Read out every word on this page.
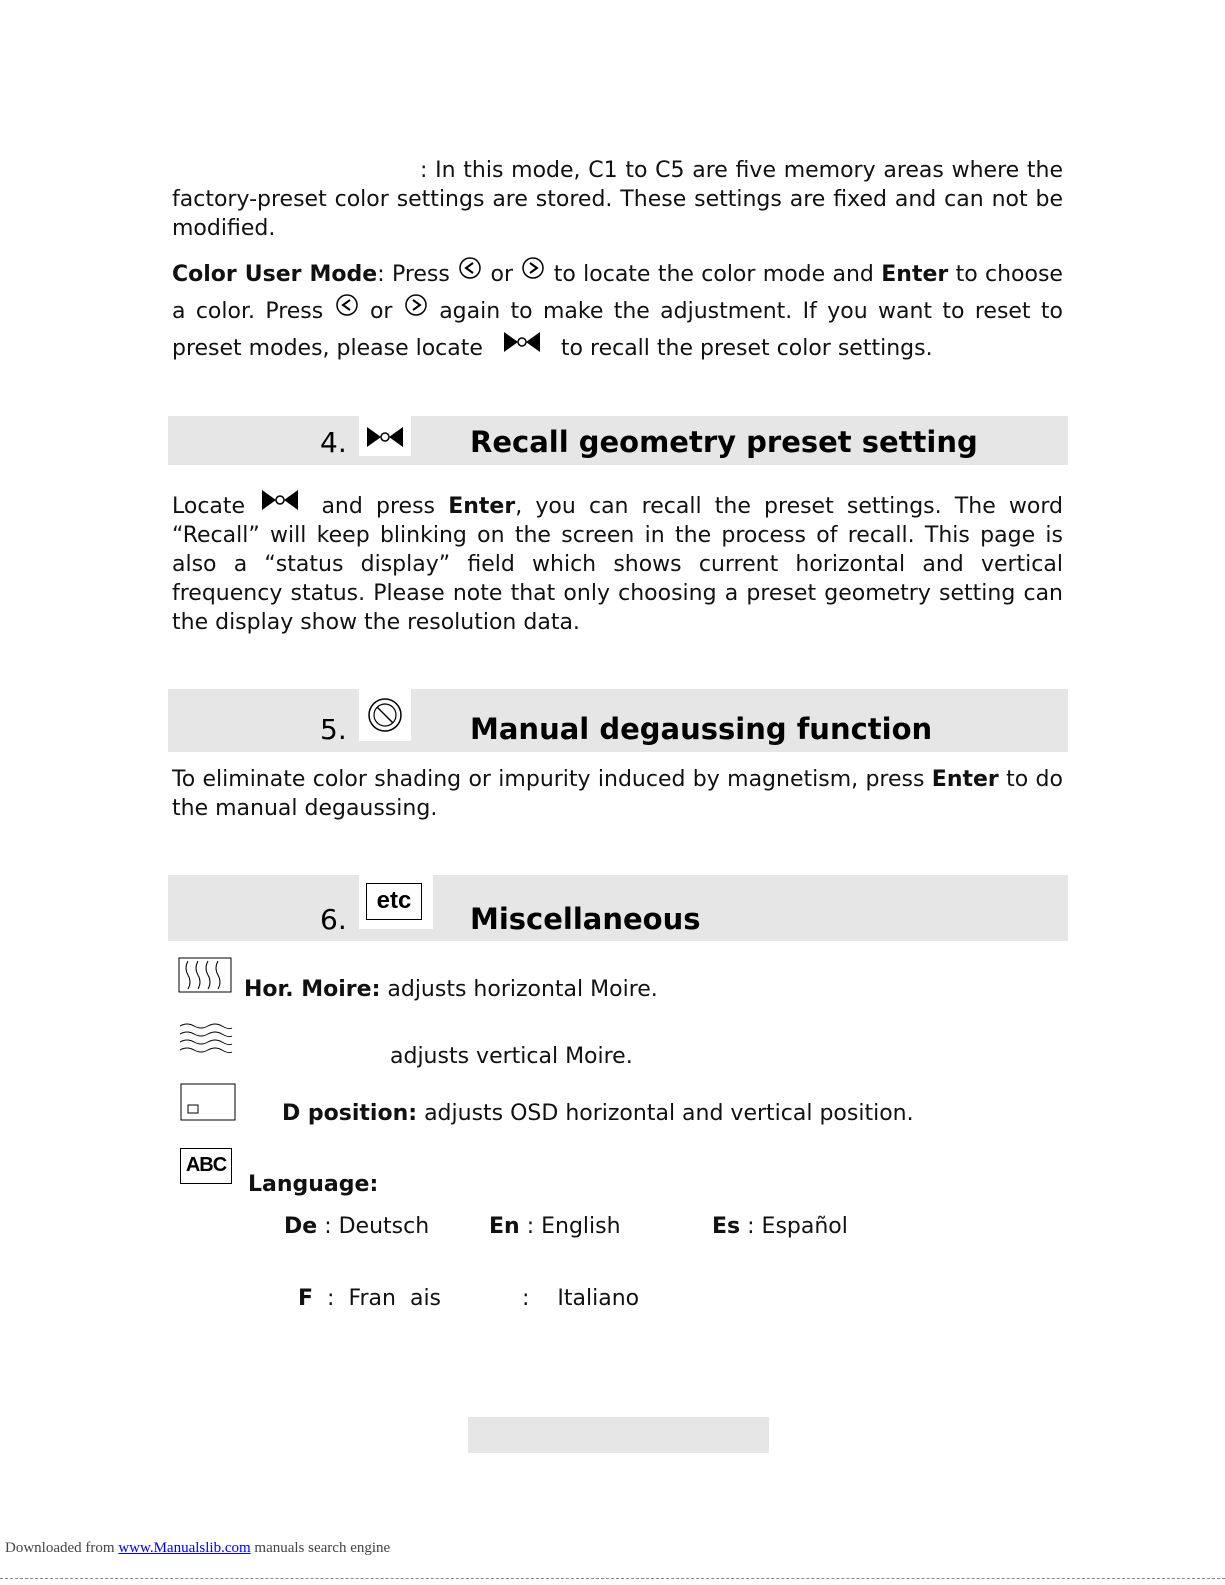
: In this mode, C1 to C5 are five memory areas where the factory-preset color settings are stored. These settings are fixed and can not be modified.
Color User Mode: Press or to locate the color mode and Enter to choose a color. Press or again to make the adjustment. If you want to reset to preset modes, please locate	to recall the preset color settings.
4.	Recall geometry preset setting
Locate	and press Enter, you can recall the preset settings. The word “Recall” will keep blinking on the screen in the process of recall. This page is also a “status display” field which shows current horizontal and vertical frequency status. Please note that only choosing a preset geometry setting can the display show the resolution data.
5.	Manual degaussing function
To eliminate color shading or impurity induced by magnetism, press Enter to do the manual degaussing.
6.
etc
Miscellaneous
Hor. Moire: adjusts horizontal Moire.
adjusts vertical Moire.
D position: adjusts OSD horizontal and vertical position.
ABC
Language:
De : Deutsch	En : English	Es : Español

F : Fran  ais	: Italiano

Downloaded from www.Manualslib.com manuals search engine
